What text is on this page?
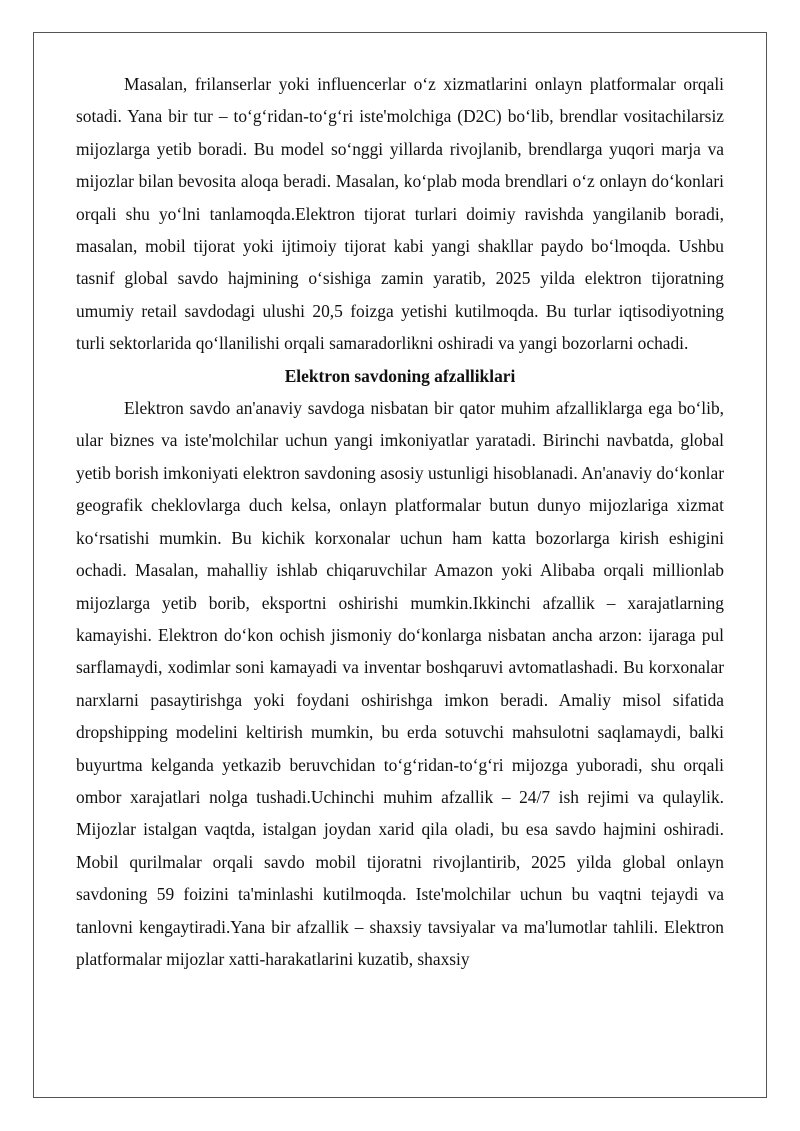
Masalan, frilanserlar yoki influencerlar o‘z xizmatlarini onlayn platformalar orqali sotadi. Yana bir tur – to‘g‘ridan-to‘g‘ri iste'molchiga (D2C) bo‘lib, brendlar vositachilarsiz mijozlarga yetib boradi. Bu model so‘nggi yillarda rivojlanib, brendlarga yuqori marja va mijozlar bilan bevosita aloqa beradi. Masalan, ko‘plab moda brendlari o‘z onlayn do‘konlari orqali shu yo‘lni tanlamoqda.Elektron tijorat turlari doimiy ravishda yangilanib boradi, masalan, mobil tijorat yoki ijtimoiy tijorat kabi yangi shakllar paydo bo‘lmoqda. Ushbu tasnif global savdo hajmining o‘sishiga zamin yaratib, 2025 yilda elektron tijoratning umumiy retail savdodagi ulushi 20,5 foizga yetishi kutilmoqda. Bu turlar iqtisodiyotning turli sektorlarida qo‘llanilishi orqali samaradorlikni oshiradi va yangi bozorlarni ochadi.

Elektron savdoning afzalliklari

Elektron savdo an'anaviy savdoga nisbatan bir qator muhim afzalliklarga ega bo‘lib, ular biznes va iste'molchilar uchun yangi imkoniyatlar yaratadi. Birinchi navbatda, global yetib borish imkoniyati elektron savdoning asosiy ustunligi hisoblanadi. An'anaviy do‘konlar geografik cheklovlarga duch kelsa, onlayn platformalar butun dunyo mijozlariga xizmat ko‘rsatishi mumkin. Bu kichik korxonalar uchun ham katta bozorlarga kirish eshigini ochadi. Masalan, mahalliy ishlab chiqaruvchilar Amazon yoki Alibaba orqali millionlab mijozlarga yetib borib, eksportni oshirishi mumkin.Ikkinchi afzallik – xarajatlarning kamayishi. Elektron do‘kon ochish jismoniy do‘konlarga nisbatan ancha arzon: ijaraga pul sarflamaydi, xodimlar soni kamayadi va inventar boshqaruvi avtomatlashadi. Bu korxonalar narxlarni pasaytirishga yoki foydani oshirishga imkon beradi. Amaliy misol sifatida dropshipping modelini keltirish mumkin, bu erda sotuvchi mahsulotni saqlamaydi, balki buyurtma kelganda yetkazib beruvchidan to‘g‘ridan-to‘g‘ri mijozga yuboradi, shu orqali ombor xarajatlari nolga tushadi.Uchinchi muhim afzallik – 24/7 ish rejimi va qulaylik. Mijozlar istalgan vaqtda, istalgan joydan xarid qila oladi, bu esa savdo hajmini oshiradi. Mobil qurilmalar orqali savdo mobil tijoratni rivojlantirib, 2025 yilda global onlayn savdoning 59 foizini ta'minlashi kutilmoqda. Iste'molchilar uchun bu vaqtni tejaydi va tanlovni kengaytiradi.Yana bir afzallik – shaxsiy tavsiyalar va ma'lumotlar tahlili. Elektron platformalar mijozlar xatti-harakatlarini kuzatib, shaxsiy
